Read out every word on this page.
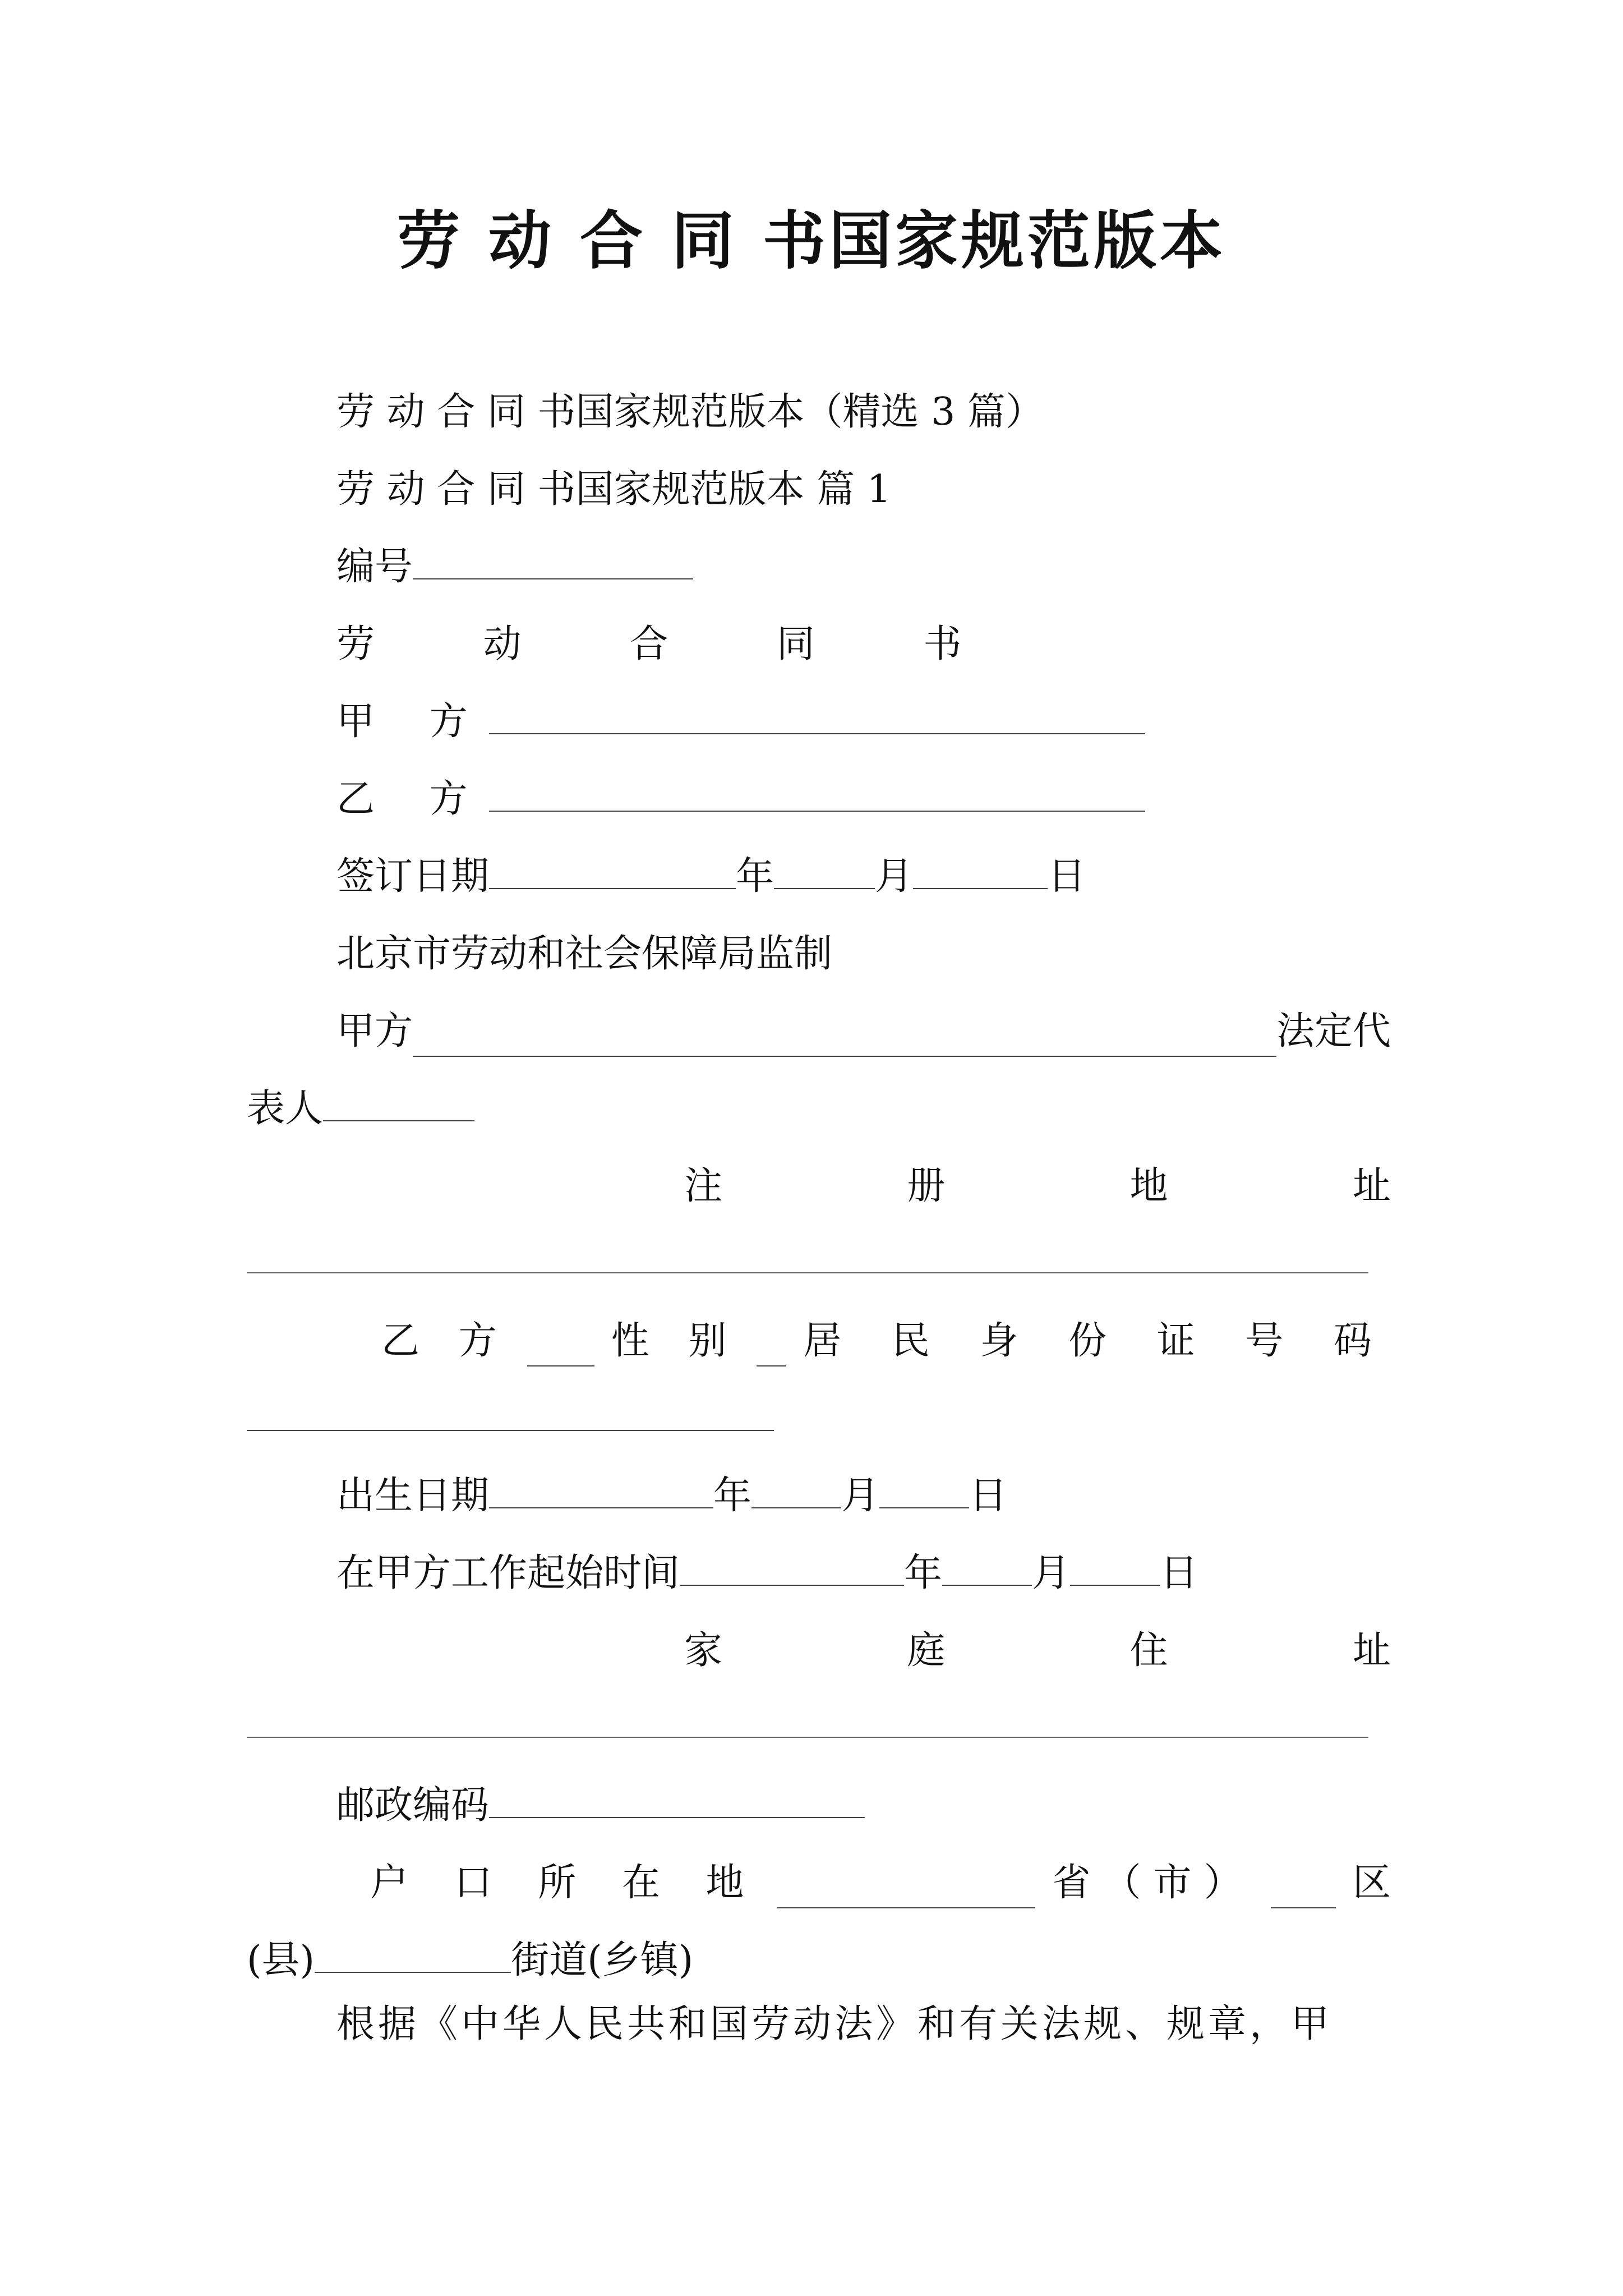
劳 动 合 同 书国家规范版本
劳 动 合 同 书国家规范版本（精选 3 篇）
劳 动 合 同 书国家规范版本 篇 1
编号
劳 动 合 同 书
甲 方
乙 方
签订日期	年	月	日
北京市劳动和社会保障局监制
甲方	法定代
表人
注	册	地	址
乙 方	性 别 居 民 身 份 证 号 码
出生日期	年 月 日
在甲方工作起始时间	年 月 日
家	庭	住	址
邮政编码
户 口 所 在 地	省（市）	区
(县)	街道(乡镇)
根据《中华人民共和国劳动法》和有关法规、规章，甲
